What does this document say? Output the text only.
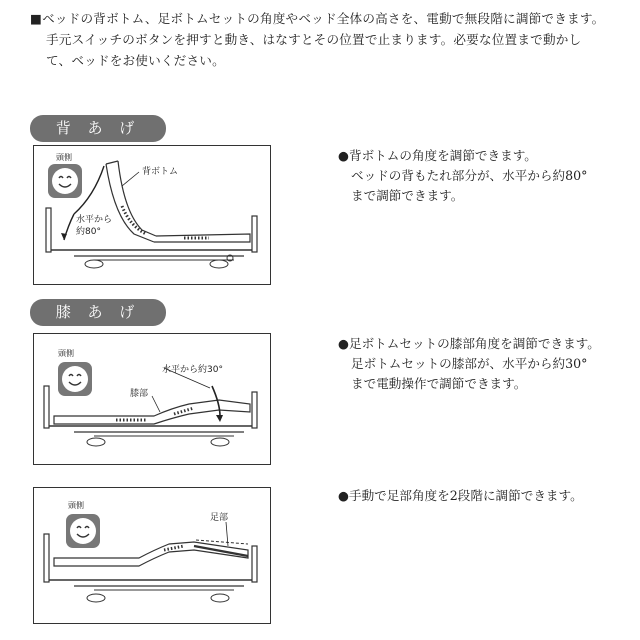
■ベッドの背ボトム、足ボトムセットの角度やベッド全体の高さを、電動で無段階に調節できます。
手元スイッチのボタンを押すと動き、はなすとその位置で止まります。必要な位置まで動かし
て、ベッドをお使いください。
背 あ げ
頭側
背ボトム
水平から
約80°
●背ボトムの角度を調節できます。
ベッドの背もたれ部分が、水平から約80°
まで調節できます。
膝 あ げ
頭側
水平から約30°
膝部
●足ボトムセットの膝部角度を調節できます。
足ボトムセットの膝部が、水平から約30°
まで電動操作で調節できます。
頭側
足部
●手動で足部角度を2段階に調節できます。
